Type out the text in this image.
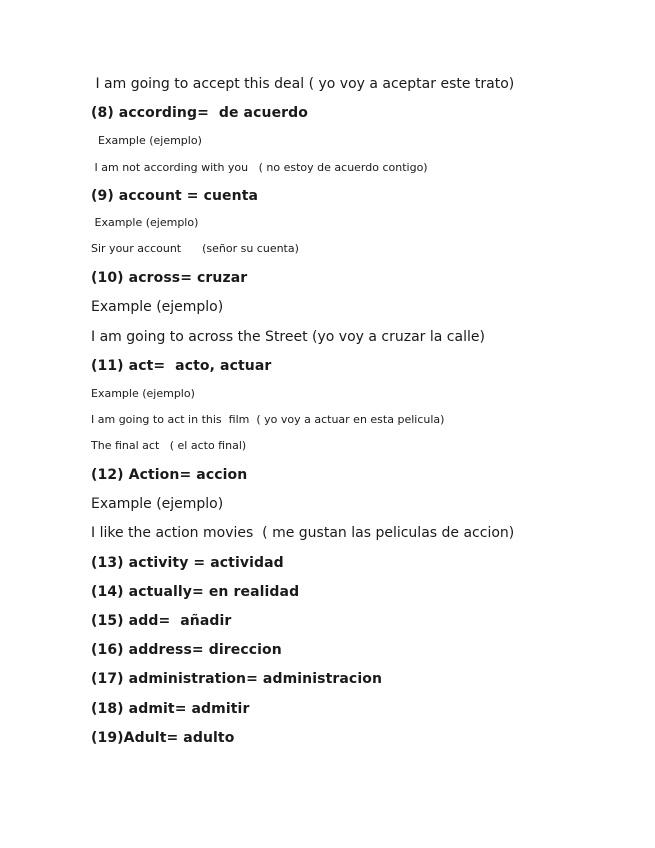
I am going to accept this deal ( yo voy a aceptar este trato)
(8) according=  de acuerdo
Example (ejemplo)
I am not according with you   ( no estoy de acuerdo contigo)
(9) account = cuenta
Example (ejemplo)
Sir your account      (señor su cuenta)
(10) across= cruzar
Example (ejemplo)
I am going to across the Street (yo voy a cruzar la calle)
(11) act=  acto, actuar
Example (ejemplo)
I am going to act in this  film  ( yo voy a actuar en esta pelicula)
The final act   ( el acto final)
(12) Action= accion
Example (ejemplo)
I like the action movies  ( me gustan las peliculas de accion)
(13) activity = actividad
(14) actually= en realidad
(15) add=  añadir
(16) address= direccion
(17) administration= administracion
(18) admit= admitir
(19)Adult= adulto
